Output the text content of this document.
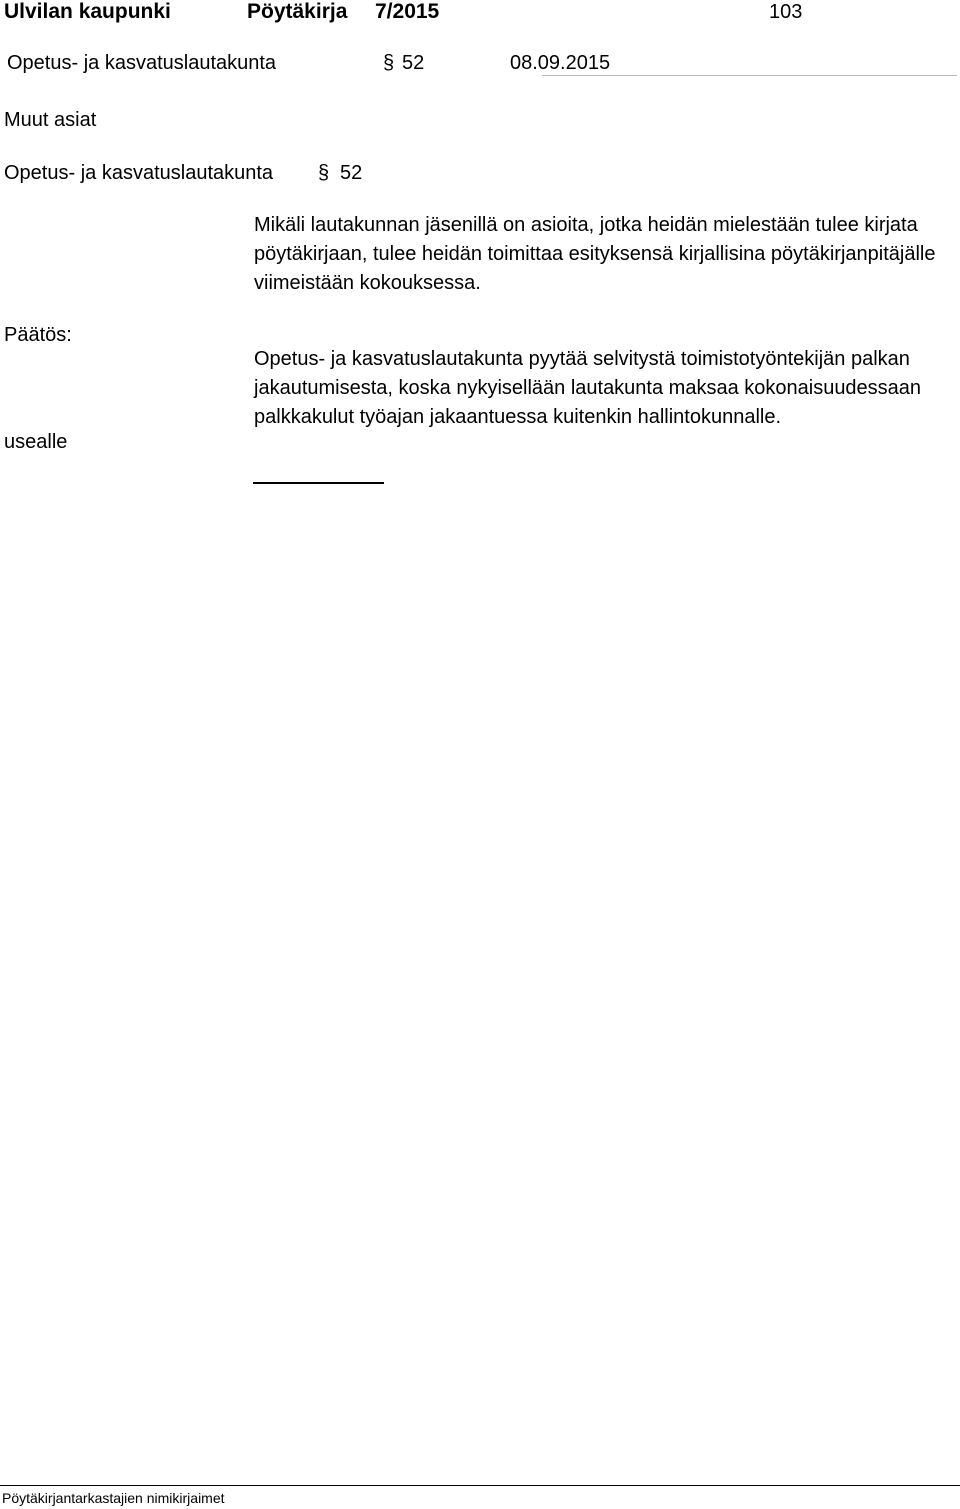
Ulvilan kaupunki	Pöytäkirja 7/2015	103
Opetus- ja kasvatuslautakunta	§ 52	08.09.2015
Muut asiat
Opetus- ja kasvatuslautakunta § 52
Mikäli lautakunnan jäsenillä on asioita, jotka heidän mielestään tulee kirjata pöytäkirjaan, tulee heidän toimittaa esityksensä kirjallisina pöytäkirjanpitäjälle viimeistään kokouksessa.
Päätös:
usealle
Opetus- ja kasvatuslautakunta pyytää selvitystä toimistotyöntekijän palkan jakautumisesta, koska nykyisellään lautakunta maksaa kokonaisuudessaan palkkakulut työajan jakaantuessa kuitenkin hallintokunnalle.
Pöytäkirjantarkastajien nimikirjaimet
